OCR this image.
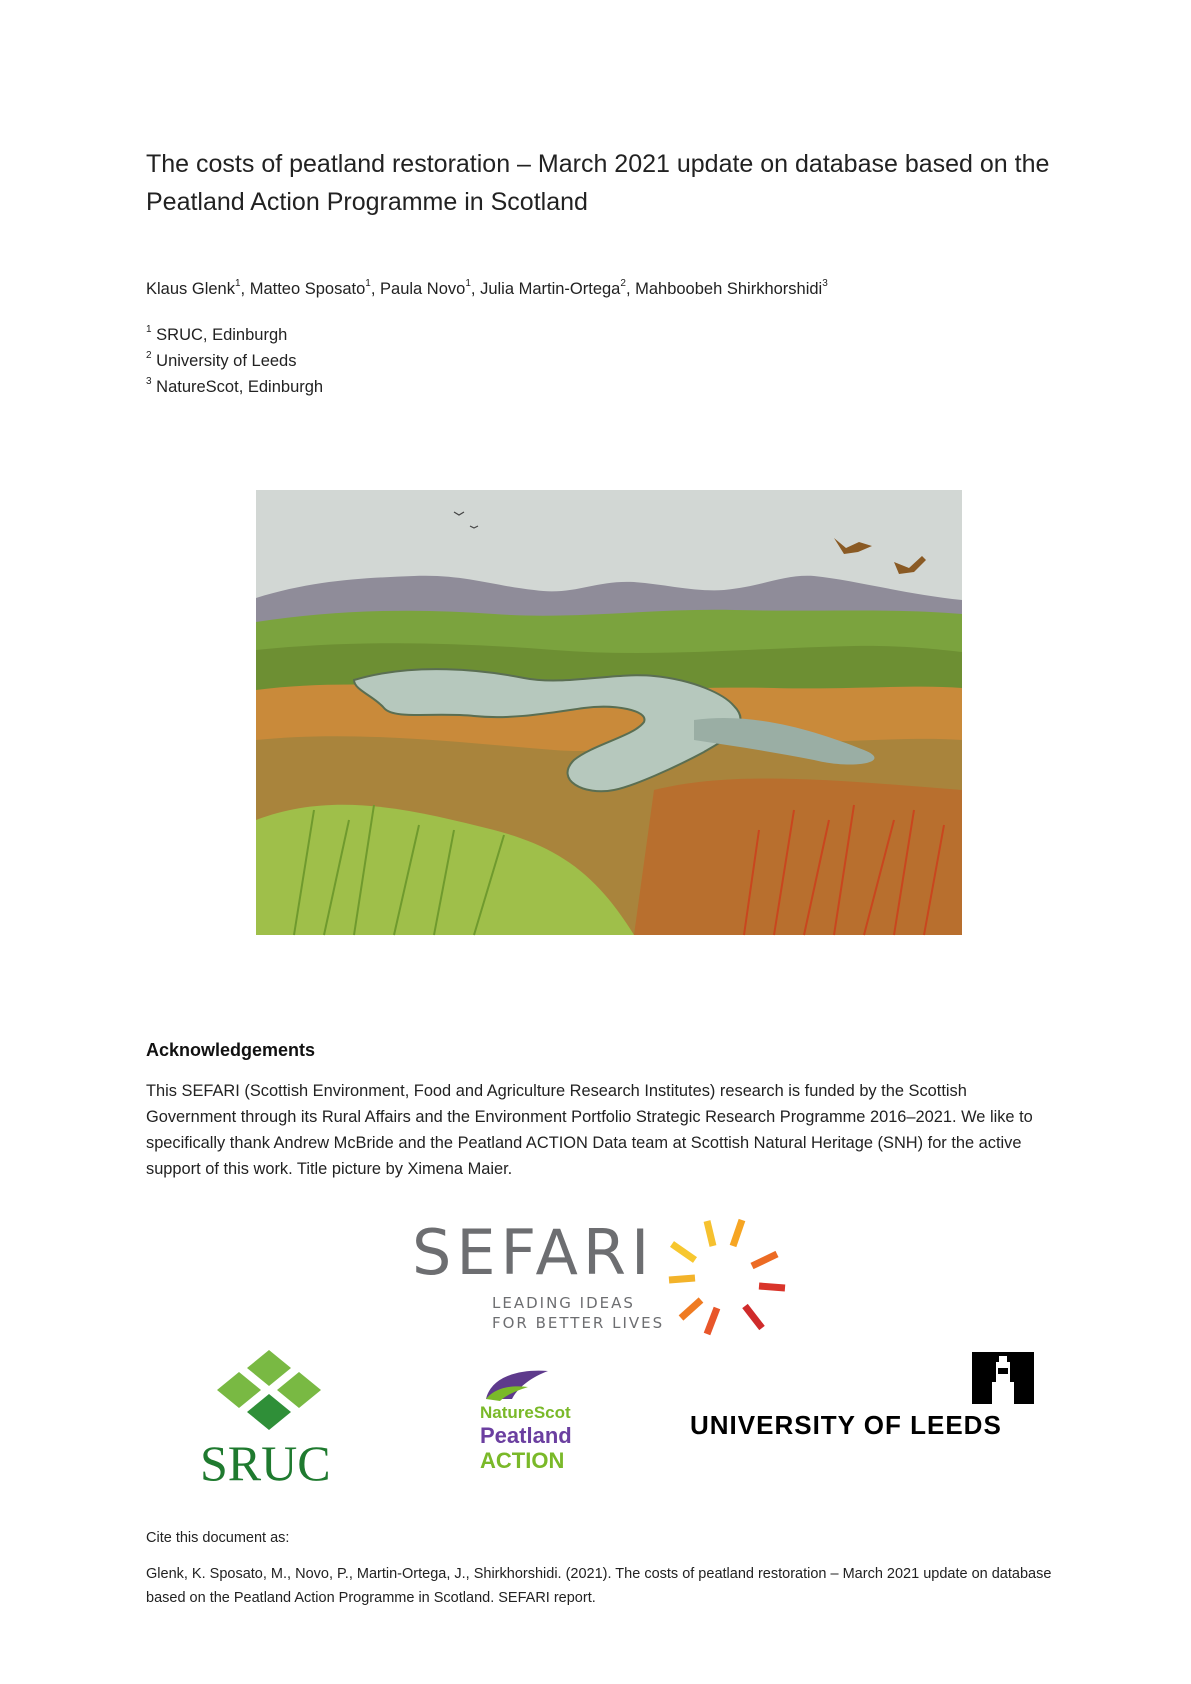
The costs of peatland restoration – March 2021 update on database based on the Peatland Action Programme in Scotland
Klaus Glenk$^1$, Matteo Sposato$^1$, Paula Novo$^1$, Julia Martin-Ortega$^2$, Mahboobeh Shirkhorshidi$^3$
$^1$ SRUC, Edinburgh
$^2$ University of Leeds
$^3$ NatureScot, Edinburgh
Acknowledgements
This SEFARI (Scottish Environment, Food and Agriculture Research Institutes) research is funded by the Scottish Government through its Rural Affairs and the Environment Portfolio Strategic Research Programme 2016–2021. We like to specifically thank Andrew McBride and the Peatland ACTION Data team at Scottish Natural Heritage (SNH) for the active support of this work. Title picture by Ximena Maier.
SEFARI
LEADING IDEAS
FOR BETTER LIVES
SRUC
NatureScot
Peatland
ACTION
UNIVERSITY OF LEEDS
Cite this document as:
Glenk, K. Sposato, M., Novo, P., Martin-Ortega, J., Shirkhorshidi. (2021). The costs of peatland restoration – March 2021 update on database based on the Peatland Action Programme in Scotland. SEFARI report.
